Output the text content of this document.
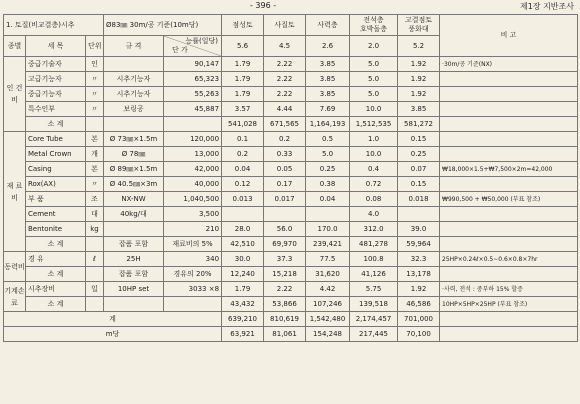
- 396 -	제1장 지반조사
1. 토질(비교결층)시추			Ø83㎜ 30m/공 기준(10m당)		점성토	사질토	사력층	전석층
호박돌층	고결점토
풍화대	비 고
종별	세 목	단위	규 격	능률(일당)
단 가						

					5.6	4.5	2.6	2.0	5.2	
인 건 비	중급기술자	인		90,147	1.79	2.22	3.85	5.0	1.92	·30m/공 기준(NX)
	고급기능자	〃	시추기능자	65,323	1.79	2.22	3.85	5.0	1.92	
	중급기능자	〃	시추기능자	55,263	1.79	2.22	3.85	5.0	1.92	
	특수인부	〃	보링공	45,887	3.57	4.44	7.69	10.0	3.85	
	소 계				541,028	671,565	1,164,193	1,512,535	581,272	
재 료 비	Core Tube	본	Ø 73㎜×1.5m	120,000	0.1	0.2	0.5	1.0	0.15	
	Metal Crown	개	Ø 78㎜	13,000	0.2	0.33	5.0	10.0	0.25	
	Casing	본	Ø 89㎜×1.5m	42,000	0.04	0.05	0.25	0.4	0.07	₩18,000×1.5+₩7,500×2m=42,000
	Rox(AX)	〃	Ø 40.5㎜×3m	40,000	0.12	0.17	0.38	0.72	0.15	
	부 품	조	NX-NW	1,040,500	0.013	0.017	0.04	0.08	0.018	₩990,500 + ₩50,000 (부표 참조)
	Cement	대	40kg/대	3,500				4.0		
	Bentonite	kg		210	28.0	56.0	170.0	312.0	39.0	
	소 계		잡품 포함	재료비의 5%	42,510	69,970	239,421	481,278	59,964	
동력비	경 유	ℓ	25H	340	30.0	37.3	77.5	100.8	32.3	25HP×0.24ℓ×0.5∼0.6×0.8×7hr
	소 계		잡품 포함	경유의 20%	12,240	15,218	31,620	41,126	13,178	
기계손료	시추장비	일	10HP set	3033 ×8	1.79	2.22	4.42	5.75	1.92	·사력, 전석 : 중부하 15% 할증
	소 계				43,432	53,866	107,246	139,518	46,586	10HP×5HP×25HP (부표 참조)
계					639,210	810,619	1,542,480	2,174,457	701,000	
m당					63,921	81,061	154,248	217,445	70,100	
